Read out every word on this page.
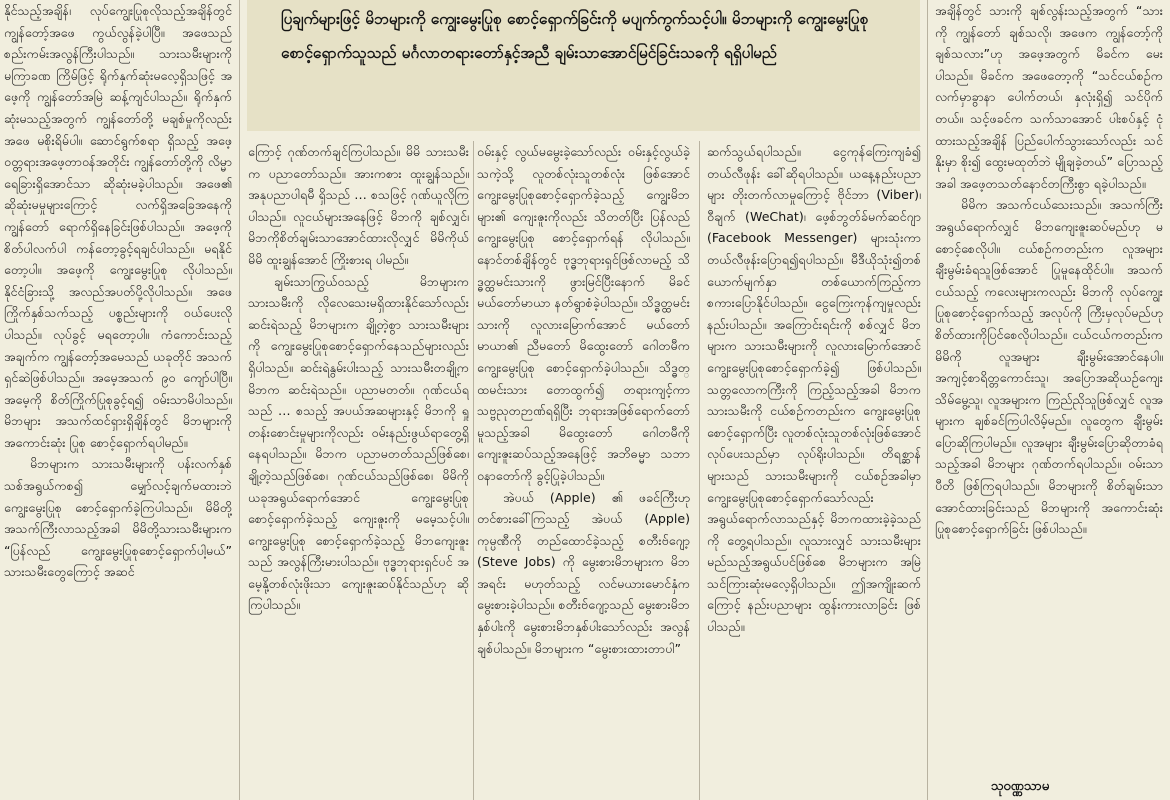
နိုင်သည့်အချိန်၊ လုပ်ကျွေးပြုစုလိုသည့်အချိန်တွင် ကျွန်တော့်အဖေ ကွယ်လွန်ခဲ့ပါပြီ။ အဖေသည် စည်းကမ်းအလွန်ကြီးပါသည်။ သားသမီးများကို မကြာခဏ ကြိမ်ဖြင့် ရိုက်နှက်ဆုံးမလေ့ရှိသဖြင့် အဖေ့ကို ကျွန်တော်အမြဲ ဆန့်ကျင်ပါသည်။ ရိုက်နှက်ဆုံးမသည့်အတွက် ကျွန်တော်တို့ မချစ်မှုကိုလည်း အဖေ မစိုးရိမ်ပါ။ ဆောင်ရွက်စရာ ရှိသည့် အဖေ့ဝတ္တရားအဖေ့တာဝန်အတိုင်း ကျွန်တော်တို့ကို လိမ္မာရေခြားရှိအောင်သာ ဆိုဆုံးမခဲ့ပါသည်။ အဖေ၏ ဆိုဆုံးမမှုများကြောင့် လက်ရှိအခြေအနေကို ကျွန်တော် ရောက်ရှိနေခြင်းဖြစ်ပါသည်။ အဖေ့ကို စိတ်ပါလက်ပါ ကန်တော့ခွင့်ရချင်ပါသည်။ မရနိုင်တော့ပါ။ အဖေ့ကို ကျွေးမွေးပြုစု လိုပါသည်။ နိုင်ငံခြားသို့ အလည်အပတ်ပို့လိုပါသည်။ အဖေကြိုက်နှစ်သက်သည့် ပစ္စည်းများကို ဝယ်ပေးလိုပါသည်။ လုပ်ခွင့် မရတော့ပါ။ ကံကောင်းသည့်အချက်က ကျွန်တော့်အမေသည် ယခုတိုင် အသက်ရှင်ဆဲဖြစ်ပါသည်။ အမေ့အသက် ၉၀ ကျော်ပါပြီ။ အမေ့ကို စိတ်ကြိုက်ပြုစုခွင့်ရ၍ ဝမ်းသာမိပါသည်။ မိဘများ အသက်ထင်ရှားရှိချိန်တွင် မိဘများကို အကောင်းဆုံး ပြုစု စောင့်ရှောက်ရပါမည်။

မိဘများက သားသမီးများကို ပန်းလက်နှစ်သစ်အရွယ်ကစ၍ မျှော်လင့်ချက်မထားဘဲ ကျွေးမွေးပြုစု စောင့်ရှောက်ခဲ့ကြပါသည်။ မိမိတို့ အသက်ကြီးလာသည့်အခါ မိမိတို့သားသမီးများက “ပြန်လည် ကျွေးမွေးပြုစုစောင့်ရှောက်ပါ့မယ်” သားသမီးတွေကြောင့် အဆင်

ပြချက်များဖြင့် မိဘများကို ကျွေးမွေးပြုစု စောင့်ရှောက်ခြင်းကို မပျက်ကွက်သင့်ပါ။ မိဘများကို ကျွေးမွေးပြုစု စောင့်ရှောက်သူသည် မင်္ဂလာတရားတော်နှင့်အညီ ချမ်းသာအောင်မြင်ခြင်းသခကို ရရှိပါမည်

ကြောင့် ဂုဏ်တက်ချင်ကြပါသည်။ မိမိ သားသမီးက ပညာတော်သည်။ အားကစား ထူးချွန်သည်။ အနုပညာပါရမီ ရှိသည် … စသဖြင့် ဂုဏ်ယူလိုကြပါသည်။ လူငယ်များအနေဖြင့် မိဘကို ချစ်လျှင်၊ မိဘကိုစိတ်ချမ်းသာအောင်ထားလိုလျှင် မိမိကိုယ်မိမိ ထူးချွန်အောင် ကြိုးစားရ ပါမည်။

ချမ်းသာကြွယ်ဝသည့် မိဘများက သားသမီးကို လိုလေသေးမရှိထားနိုင်သော်လည်း ဆင်းရဲသည့် မိဘများက ချို့တဲ့စွာ သားသမီးများကို ကျွေးမွေးပြုစုစောင့်ရှောက်နေသည်များလည်း ရှိပါသည်။ ဆင်းရဲနွမ်းပါးသည့် သားသမီးတချို့က မိဘက ဆင်းရဲသည်။ ပညာမတတ်။ ဂုဏ်ငယ်ရသည် … စသည့် အပယ်အဆများနှင့် မိဘကို ရှုတန်းစောင်းမှုများကိုလည်း ဝမ်းနည်းဖွယ်ရာတွေ့ရှိနေရပါသည်။ မိဘက ပညာမတတ်သည်ဖြစ်စေ၊ ချို့တဲ့သည်ဖြစ်စေ၊ ဂုဏ်ငယ်သည်ဖြစ်စေ၊ မိမိကို ယခုအရွယ်ရောက်အောင် ကျွေးမွေးပြုစု စောင့်ရှောက်ခဲ့သည့် ကျေးဇူးကို မမေ့သင့်ပါ။ ကျွေးမွေးပြုစု စောင့်ရှောက်ခဲ့သည့် မိဘကျေးဇူးသည် အလွန်ကြီးမားပါသည်။ ဗုဒ္ဓဘုရားရှင်ပင် အမေ့နို့တစ်လုံးဖိုးသာ ကျေးဇူးဆပ်နိုင်သည်ဟု ဆိုကြပါသည်။

ဝမ်းနှင့် လွယ်မမွေးခဲ့သော်လည်း ဝမ်းနှင့်လွယ်ခဲ့သကဲ့သို့ လူတစ်လုံးသူတစ်လုံး ဖြစ်အောင် ကျွေးမွေးပြုစုစောင့်ရှောက်ခဲ့သည့် ကျွေးမိဘများ၏ ကျေးဇူးကိုလည်း သိတတ်ပြီး ပြန်လည်ကျွေးမွေးပြုစု စောင့်ရှောက်ရန် လိုပါသည်။ နောင်တစ်ချိန်တွင် ဗုဒ္ဓဘုရားရှင်ဖြစ်လာမည့် သိဒ္ဓတ္ထမင်းသားကို ဖွားမြင်ပြီးနောက် မိခင်မယ်တော်မာယာ နတ်ရွာစံခဲ့ပါသည်။ သိဒ္ဓတ္ထမင်းသားကို လူလားမြောက်အောင် မယ်တော်မာယာ၏ ညီမတော် မိထွေးတော် ဂေါတမီက ကျွေးမွေးပြုစု စောင့်ရှောက်ခဲ့ပါသည်။ သိဒ္ဓတ္ထမင်းသား တောထွက်၍ တရားကျင့်ကာ သဗ္ဗညုတဉာဏ်ရရှိပြီး ဘုရားအဖြစ်ရောက်တော်မူသည့်အခါ မိထွေးတော် ဂေါတမီကို ကျေးဇူးဆပ်သည့်အနေဖြင့် အဘိဓမ္မာ သဘာဝနာတော်ကို ခွင့်ပြုခဲ့ပါသည်။

အဲပယ် (Apple) ၏ ဖခင်ကြီးဟု တင်စားခေါ်ကြသည့် အဲပယ် (Apple) ကုမ္ပဏီကို တည်ထောင်ခဲ့သည့် စတီးဗ်ဂျော့ (Steve Jobs) ကို မွေးစားမိဘများက မိဘအရင်း မဟုတ်သည့် လင်မယားမောင်နှံက မွေးစားခဲ့ပါသည်။ စတီးဗ်ဂျော့သည် မွေးစားမိဘနှစ်ပါးကို မွေးစားမိဘနှစ်ပါးသော်လည်း အလွန်ချစ်ပါသည်။ မိဘများက “မွေးစားထားတာပါ”

ဆက်သွယ်ရပါသည်။ ငွေကုန်ကြေးကျခံ၍ တယ်လီဖုန်း ခေါ်ဆိုရပါသည်။ ယနေ့နည်းပညာများ တိုးတက်လာမှုကြောင့် ဗိုင်ဘာ (Viber)၊ ဝီချက် (WeChat)၊ ဖေ့စ်ဘွတ်ခ်မက်ဆင်ဂျာ (Facebook Messenger) များသုံးကာ တယ်လီဖုန်းပြောရ၍ရပါသည်။ မီဒီယိုသုံး၍တစ်ယောက်မျက်နှာ တစ်ယောက်ကြည့်ကာ စကားပြောနိုင်ပါသည်။ ငွေကြေးကုန်ကျမှုလည်း နည်းပါသည်။ အကြောင်းရင်းကို စစ်လျှင် မိဘများက သားသမီးများကို လူလားမြောက်အောင် ကျွေးမွေးပြုစုစောင့်ရှောက်ခဲ့၍ ဖြစ်ပါသည်။ သတ္တလောကကြီးကို ကြည့်သည့်အခါ မိဘက သားသမီးကို ငယ်စဉ်ကတည်းက ကျွေးမွေးပြုစုစောင့်ရှောက်ပြီး လူတစ်လုံးသူတစ်လုံးဖြစ်အောင် လုပ်ပေးသည်မှာ လုပ်ရိုးပါသည်။ တိရစ္ဆာန်များသည် သားသမီးများကို ငယ်စဉ်အခါမှာ ကျွေးမွေးပြုစုစောင့်ရှောက်သော်လည်း အရွယ်ရောက်လာသည်နှင့် မိဘကထားခဲ့ခဲ့သည်ကို တွေ့ရပါသည်။ လူသားလျှင် သားသမီးများ မည်သည့်အရွယ်ပင်ဖြစ်စေ မိဘများက အမြဲသင်ကြားဆုံးမလေ့ရှိပါသည်။ ဤအကျိုးဆက်ကြောင့် နည်းပညာများ ထွန်းကားလာခြင်း ဖြစ်ပါသည်။

အချိန်တွင် သားကို ချစ်လွန်းသည့်အတွက် “သားကို ကျွန်တော် ချစ်သလို၊ အဖေက ကျွန်တော့်ကို ချစ်သလား”ဟု အဖေ့အတွက် မိခင်က မေးပါသည်။ မိခင်က အဖေတော့ကို “သင်ငယ်စဉ်က လက်မှာခွာနာ ပေါက်တယ်၊ နှလုံးရှိ၍ သင်ပိုက်တယ်။ သင့်ဖခင်က သက်သာအောင် ပါးစပ်နှင့် ငုံထားသည့်အချိန် ပြည်ပေါက်သွားသော်လည်း သင်နိုးမှာ စိုး၍ ထွေးမထုတ်ဘဲ မျိုချခဲ့တယ်” ပြောသည့်အခါ အဖေ့တသတ်နောင်တကြီးစွာ ရခဲ့ပါသည်။

မိမိက အသက်ငယ်သေးသည်။ အသက်ကြီးအရွယ်ရောက်လျှင် မိဘကျေးဇူးဆပ်မည်ဟု မစောင့်စေလိုပါ။ ငယ်စဉ်ကတည်းက လူအများ ချီးမွမ်းခံရသူဖြစ်အောင် ပြုမူနေထိုင်ပါ။ အသက်ငယ်သည့် ကလေးများကလည်း မိဘကို လုပ်ကျွေးပြုစုစောင့်ရှောက်သည့် အလုပ်ကို ကြီးမှလုပ်မည်ဟု စိတ်ထားကိုပြင်စေလိုပါသည်။ ငယ်ငယ်ကတည်းက မိမိကို လူအများ ချီးမွမ်းအောင်နေပါ။ အကျင့်စာရိတ္တကောင်းသူ၊ အပြောအဆိုယဉ်ကျေးသိမ်မွေ့သူ၊ လူအများက ကြည်ညိုသူဖြစ်လျှင် လူအများက ချစ်ခင်ကြပါလိမ့်မည်။ လူတွေက ချီးမွမ်းပြောဆိုကြပါမည်။ လူအများ ချီးမွမ်းပြောဆိုတာခံရသည့်အခါ မိဘများ ဂုဏ်တက်ရပါသည်။ ဝမ်းသာပီတိ ဖြစ်ကြရပါသည်။ မိဘများကို စိတ်ချမ်းသာအောင်ထားခြင်းသည် မိဘများကို အကောင်းဆုံး ပြုစုစောင့်ရှောက်ခြင်း ဖြစ်ပါသည်။

သုဝဏ္ဏသာမ
